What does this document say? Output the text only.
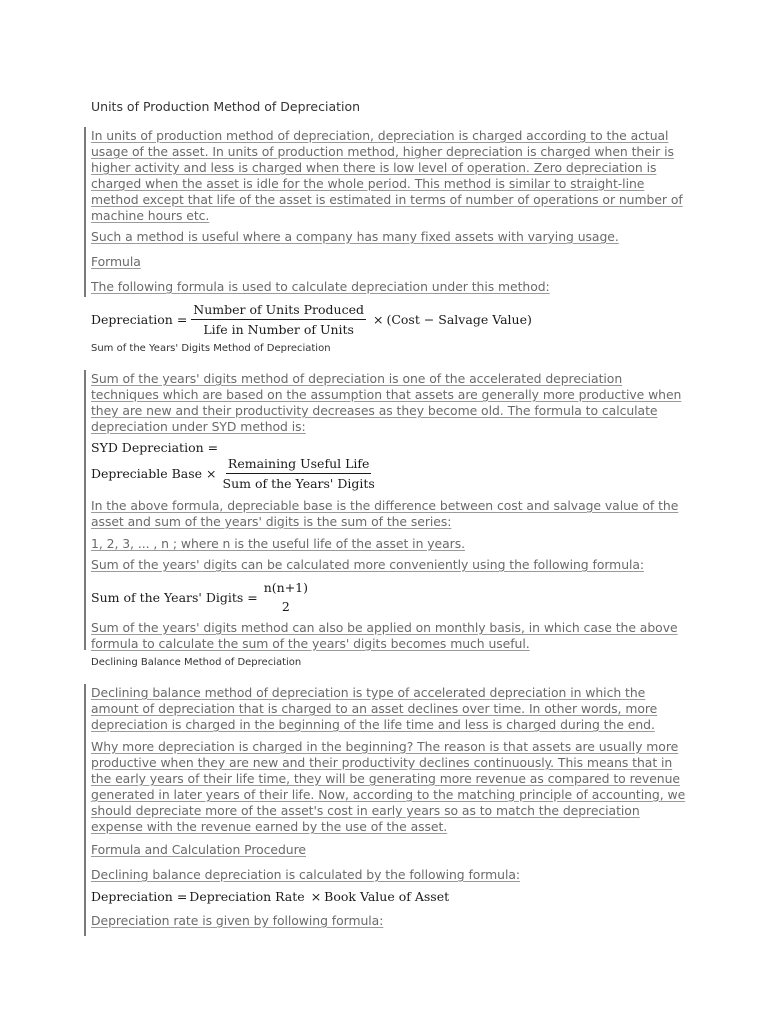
Units of Production Method of Depreciation
In units of production method of depreciation, depreciation is charged according to the actual usage of the asset. In units of production method, higher depreciation is charged when their is higher activity and less is charged when there is low level of operation. Zero depreciation is charged when the asset is idle for the whole period. This method is similar to straight-line method except that life of the asset is estimated in terms of number of operations or number of machine hours etc.
Such a method is useful where a company has many fixed assets with varying usage.
Formula
The following formula is used to calculate depreciation under this method:
Depreciation = $\frac{\text{Number of Units Produced}}{\text{Life in Number of Units}}$ × (Cost − Salvage Value)
Sum of the Years' Digits Method of Depreciation
Sum of the years' digits method of depreciation is one of the accelerated depreciation techniques which are based on the assumption that assets are generally more productive when they are new and their productivity decreases as they become old. The formula to calculate depreciation under SYD method is:
SYD Depreciation =
Depreciable Base × $\frac{\text{Remaining Useful Life}}{\text{Sum of the Years' Digits}}$
In the above formula, depreciable base is the difference between cost and salvage value of the asset and sum of the years' digits is the sum of the series:
1, 2, 3, ... , n ; where n is the useful life of the asset in years.
Sum of the years' digits can be calculated more conveniently using the following formula:
Sum of the Years' Digits =
n(n+1)
2
Sum of the years' digits method can also be applied on monthly basis, in which case the above formula to calculate the sum of the years' digits becomes much useful.
Declining Balance Method of Depreciation
Declining balance method of depreciation is type of accelerated depreciation in which the amount of depreciation that is charged to an asset declines over time. In other words, more depreciation is charged in the beginning of the life time and less is charged during the end.
Why more depreciation is charged in the beginning? The reason is that assets are usually more productive when they are new and their productivity declines continuously. This means that in the early years of their life time, they will be generating more revenue as compared to revenue generated in later years of their life. Now, according to the matching principle of accounting, we should depreciate more of the asset's cost in early years so as to match the depreciation expense with the revenue earned by the use of the asset.
Formula and Calculation Procedure
Declining balance depreciation is calculated by the following formula:
Depreciation = Depreciation Rate × Book Value of Asset
Depreciation rate is given by following formula:
